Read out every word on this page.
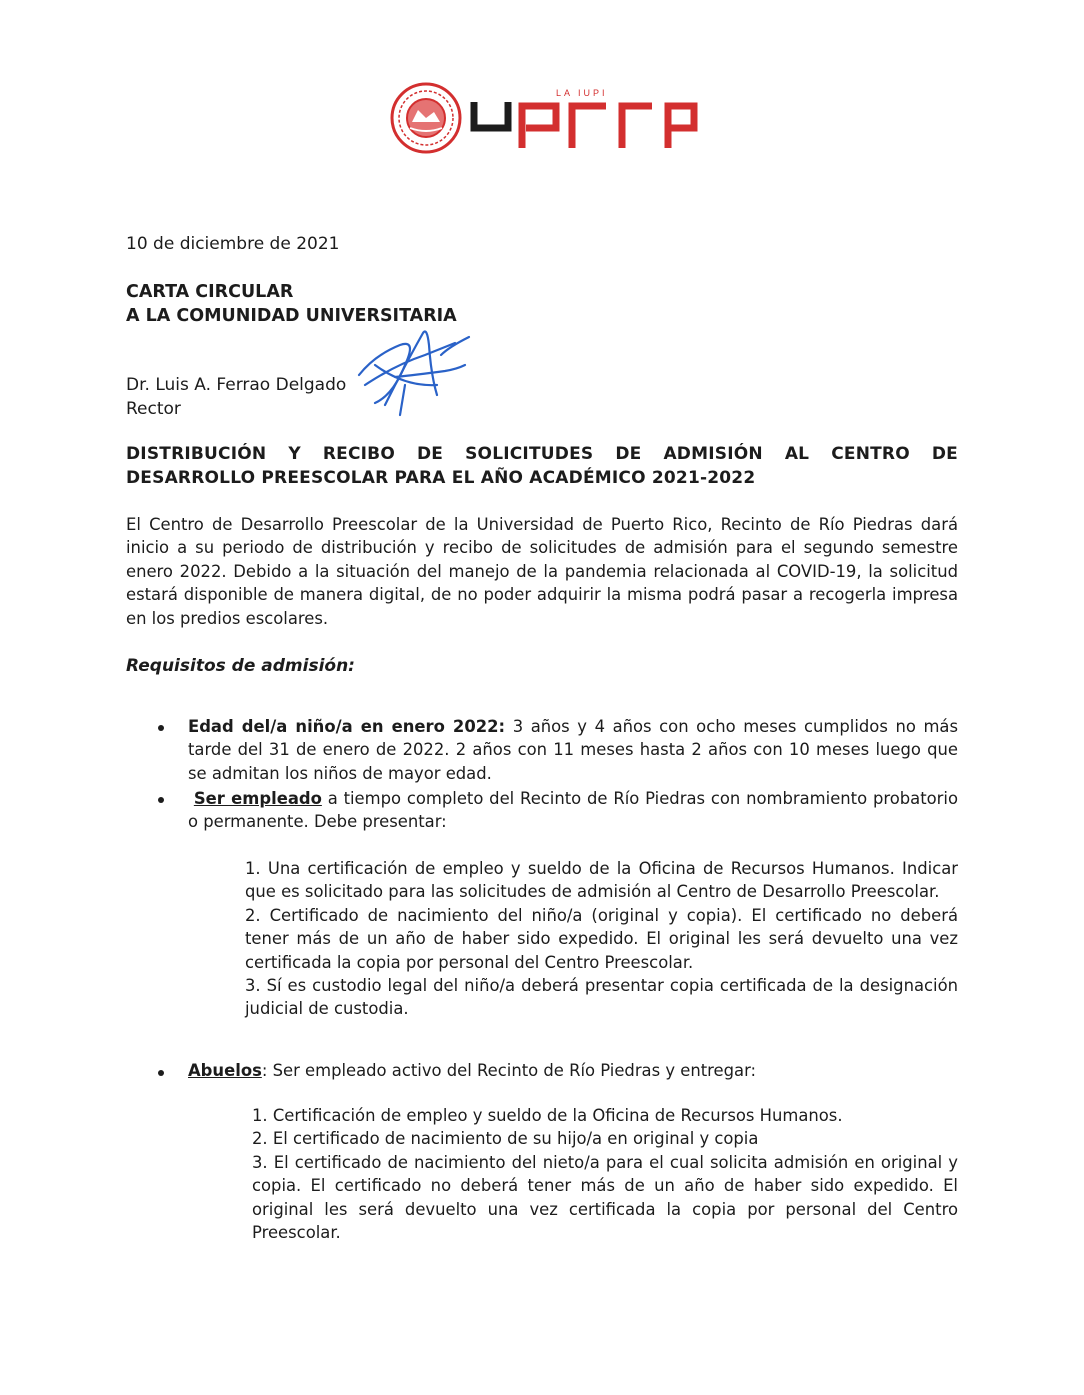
LA IUPI
10 de diciembre de 2021
CARTA CIRCULAR
A LA COMUNIDAD UNIVERSITARIA
Dr. Luis A. Ferrao Delgado
Rector
DISTRIBUCIÓN Y RECIBO DE SOLICITUDES DE ADMISIÓN AL CENTRO DE
DESARROLLO PREESCOLAR PARA EL AÑO ACADÉMICO 2021-2022
El Centro de Desarrollo Preescolar de la Universidad de Puerto Rico, Recinto de Río Piedras dará inicio a su periodo de distribución y recibo de solicitudes de admisión para el segundo semestre enero 2022. Debido a la situación del manejo de la pandemia relacionada al COVID-19, la solicitud estará disponible de manera digital, de no poder adquirir la misma podrá pasar a recogerla impresa en los predios escolares.
Requisitos de admisión:
Edad del/a niño/a en enero 2022: 3 años y 4 años con ocho meses cumplidos no más tarde del 31 de enero de 2022. 2 años con 11 meses hasta 2 años con 10 meses luego que se admitan los niños de mayor edad.
Ser empleado a tiempo completo del Recinto de Río Piedras con nombramiento probatorio o permanente. Debe presentar:
1. Una certificación de empleo y sueldo de la Oficina de Recursos Humanos. Indicar que es solicitado para las solicitudes de admisión al Centro de Desarrollo Preescolar.
2. Certificado de nacimiento del niño/a (original y copia). El certificado no deberá tener más de un año de haber sido expedido. El original les será devuelto una vez certificada la copia por personal del Centro Preescolar.
3. Sí es custodio legal del niño/a deberá presentar copia certificada de la designación judicial de custodia.
Abuelos: Ser empleado activo del Recinto de Río Piedras y entregar:
1. Certificación de empleo y sueldo de la Oficina de Recursos Humanos.
2. El certificado de nacimiento de su hijo/a en original y copia
3. El certificado de nacimiento del nieto/a para el cual solicita admisión en original y copia. El certificado no deberá tener más de un año de haber sido expedido. El original les será devuelto una vez certificada la copia por personal del Centro Preescolar.
